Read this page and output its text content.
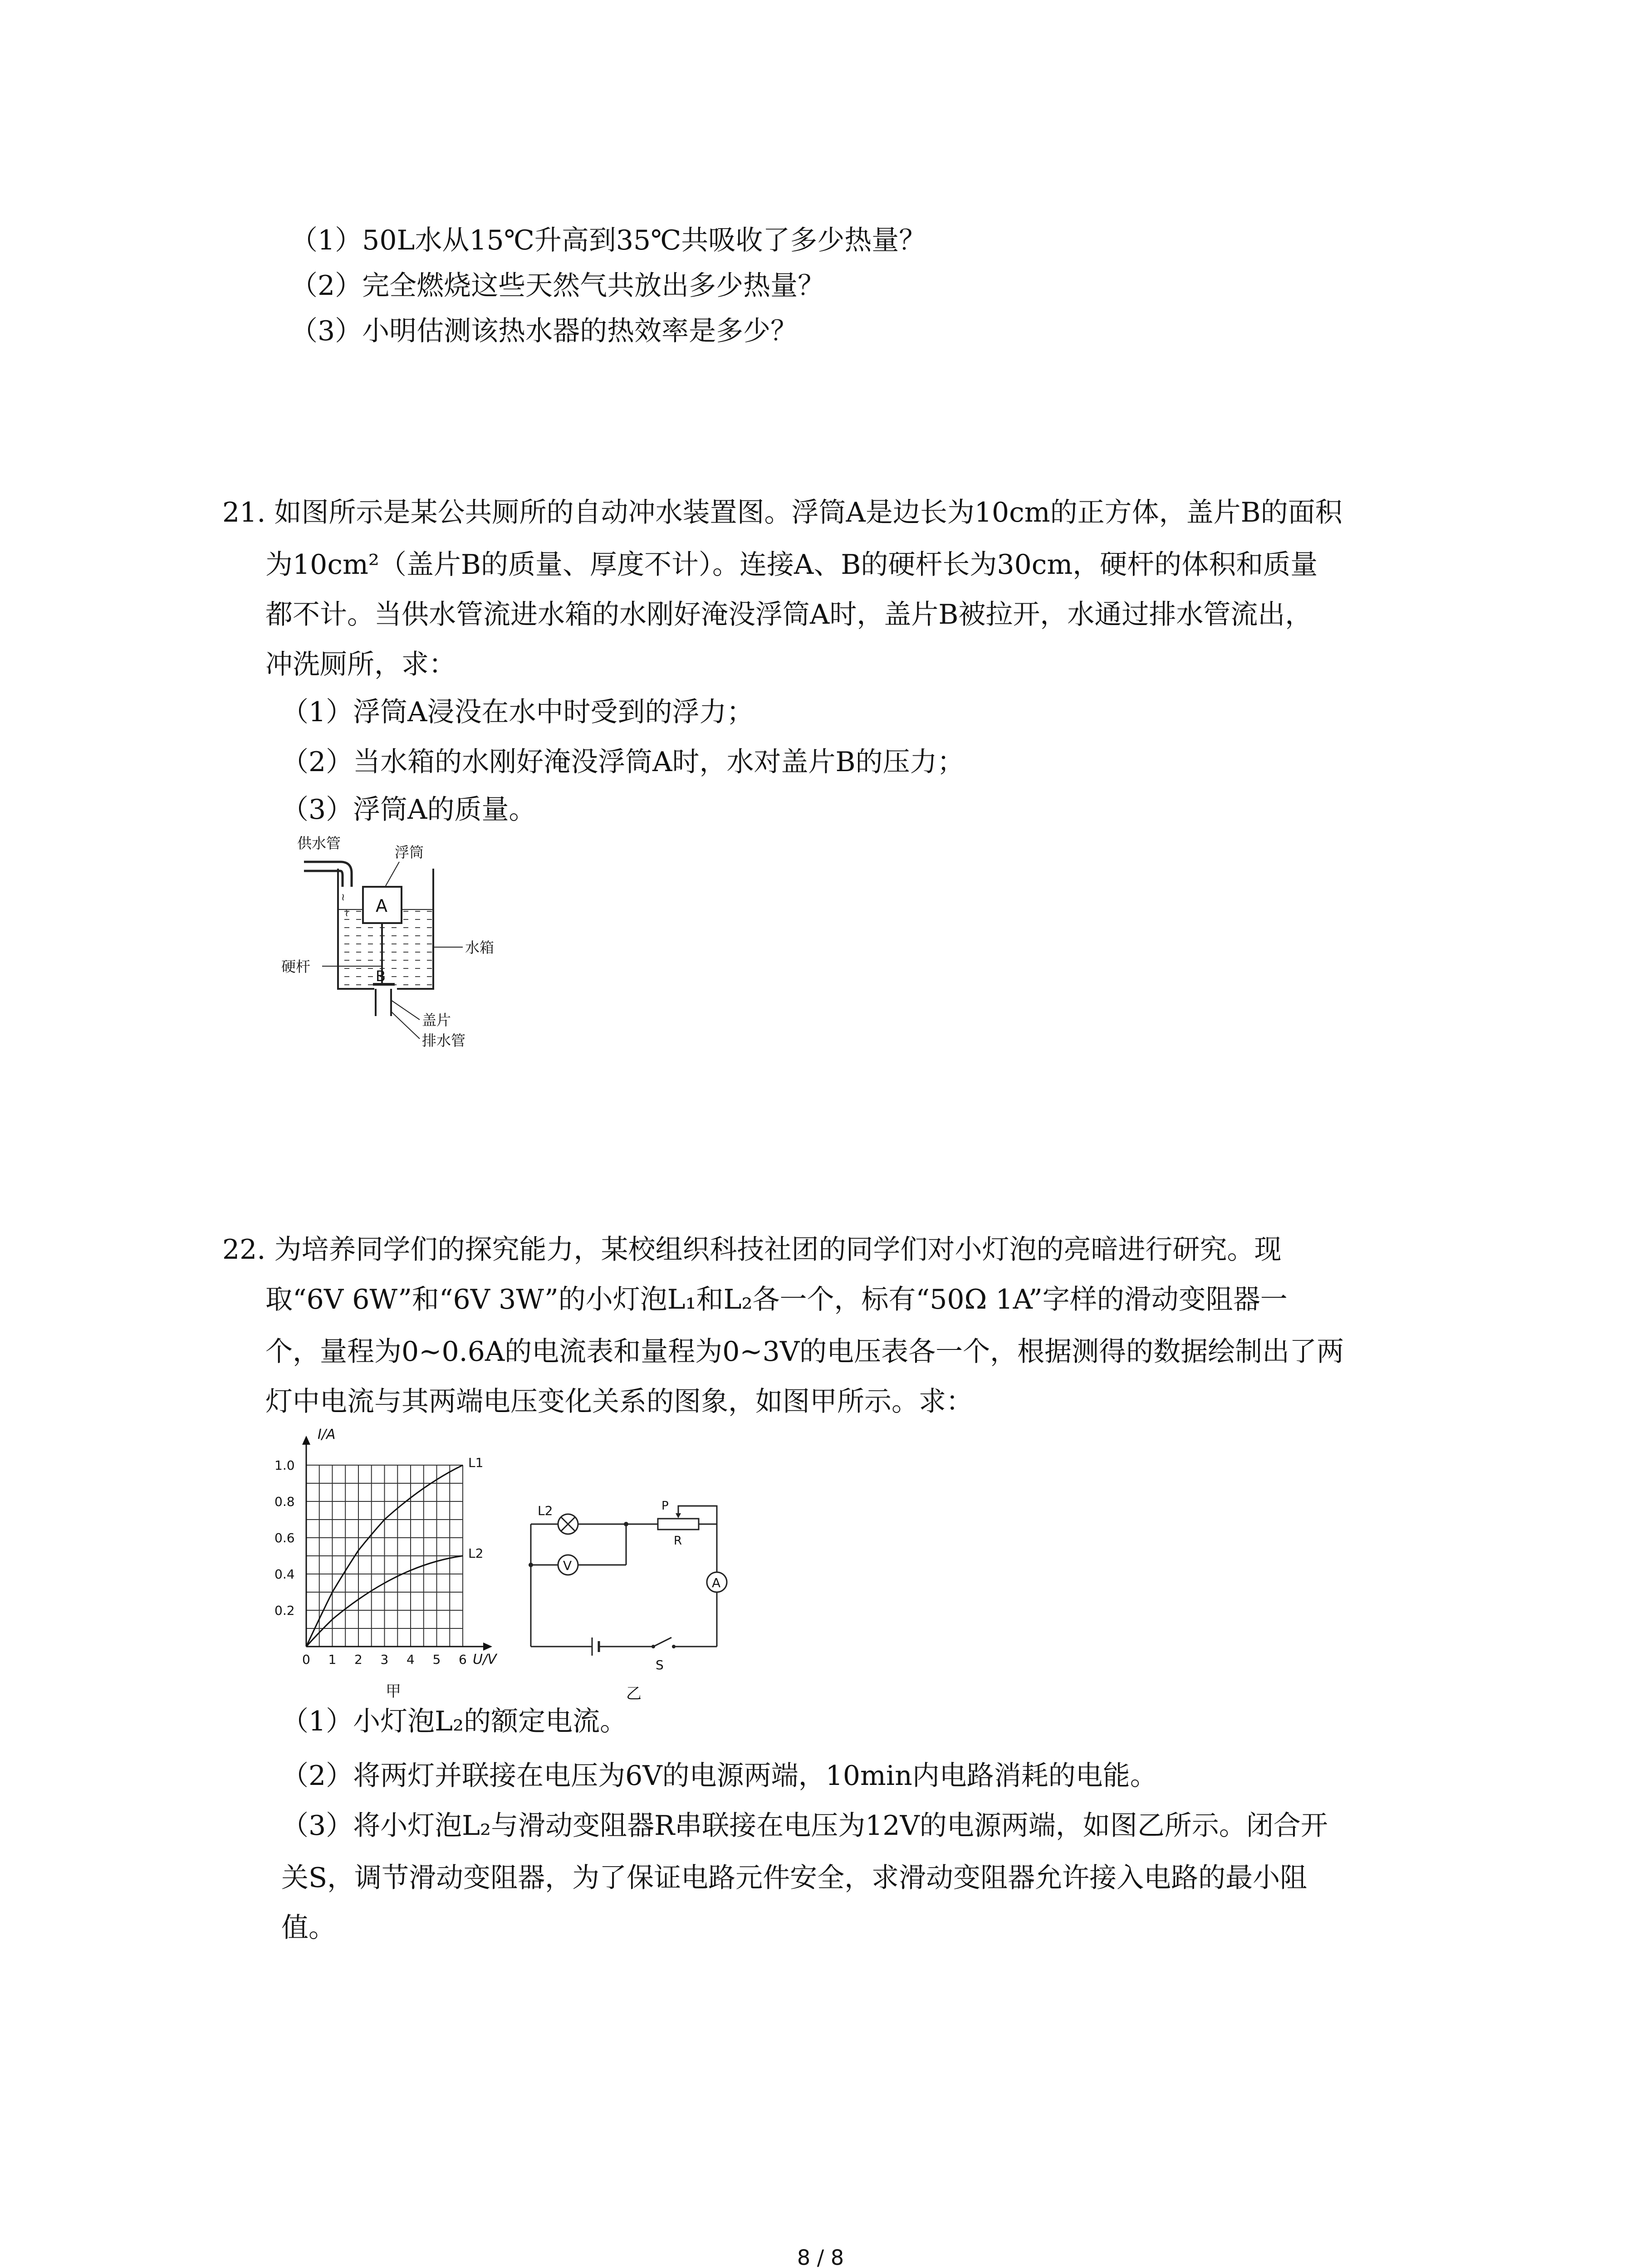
（1）50L水从15℃升高到35℃共吸收了多少热量？
（2）完全燃烧这些天然气共放出多少热量？
（3）小明估测该热水器的热效率是多少？
21. 如图所示是某公共厕所的自动冲水装置图。浮筒A是边长为10cm的正方体，盖片B的面积
为10cm²（盖片B的质量、厚度不计）。连接A、B的硬杆长为30cm，硬杆的体积和质量
都不计。当供水管流进水箱的水刚好淹没浮筒A时，盖片B被拉开，水通过排水管流出，
冲洗厕所，求：
（1）浮筒A浸没在水中时受到的浮力；
（2）当水箱的水刚好淹没浮筒A时，水对盖片B的压力；
（3）浮筒A的质量。
≀ A
B
供水管
浮筒
水箱
硬杆
盖片
排水管
22. 为培养同学们的探究能力，某校组织科技社团的同学们对小灯泡的亮暗进行研究。现
取“6V 6W”和“6V 3W”的小灯泡L₁和L₂各一个，标有“50Ω 1A”字样的滑动变阻器一
个，量程为0~0.6A的电流表和量程为0~3V的电压表各一个，根据测得的数据绘制出了两
灯中电流与其两端电压变化关系的图象，如图甲所示。求：
0 1 2 3 4 5 6
0.2
0.4
0.6
0.8
1.0	L1
L2
I/A
U/V
甲
L2
V
P
R
A
S
乙
（1）小灯泡L₂的额定电流。
（2）将两灯并联接在电压为6V的电源两端，10min内电路消耗的电能。
（3）将小灯泡L₂与滑动变阻器R串联接在电压为12V的电源两端，如图乙所示。闭合开
关S，调节滑动变阻器，为了保证电路元件安全，求滑动变阻器允许接入电路的最小阻
值。
8 / 8
